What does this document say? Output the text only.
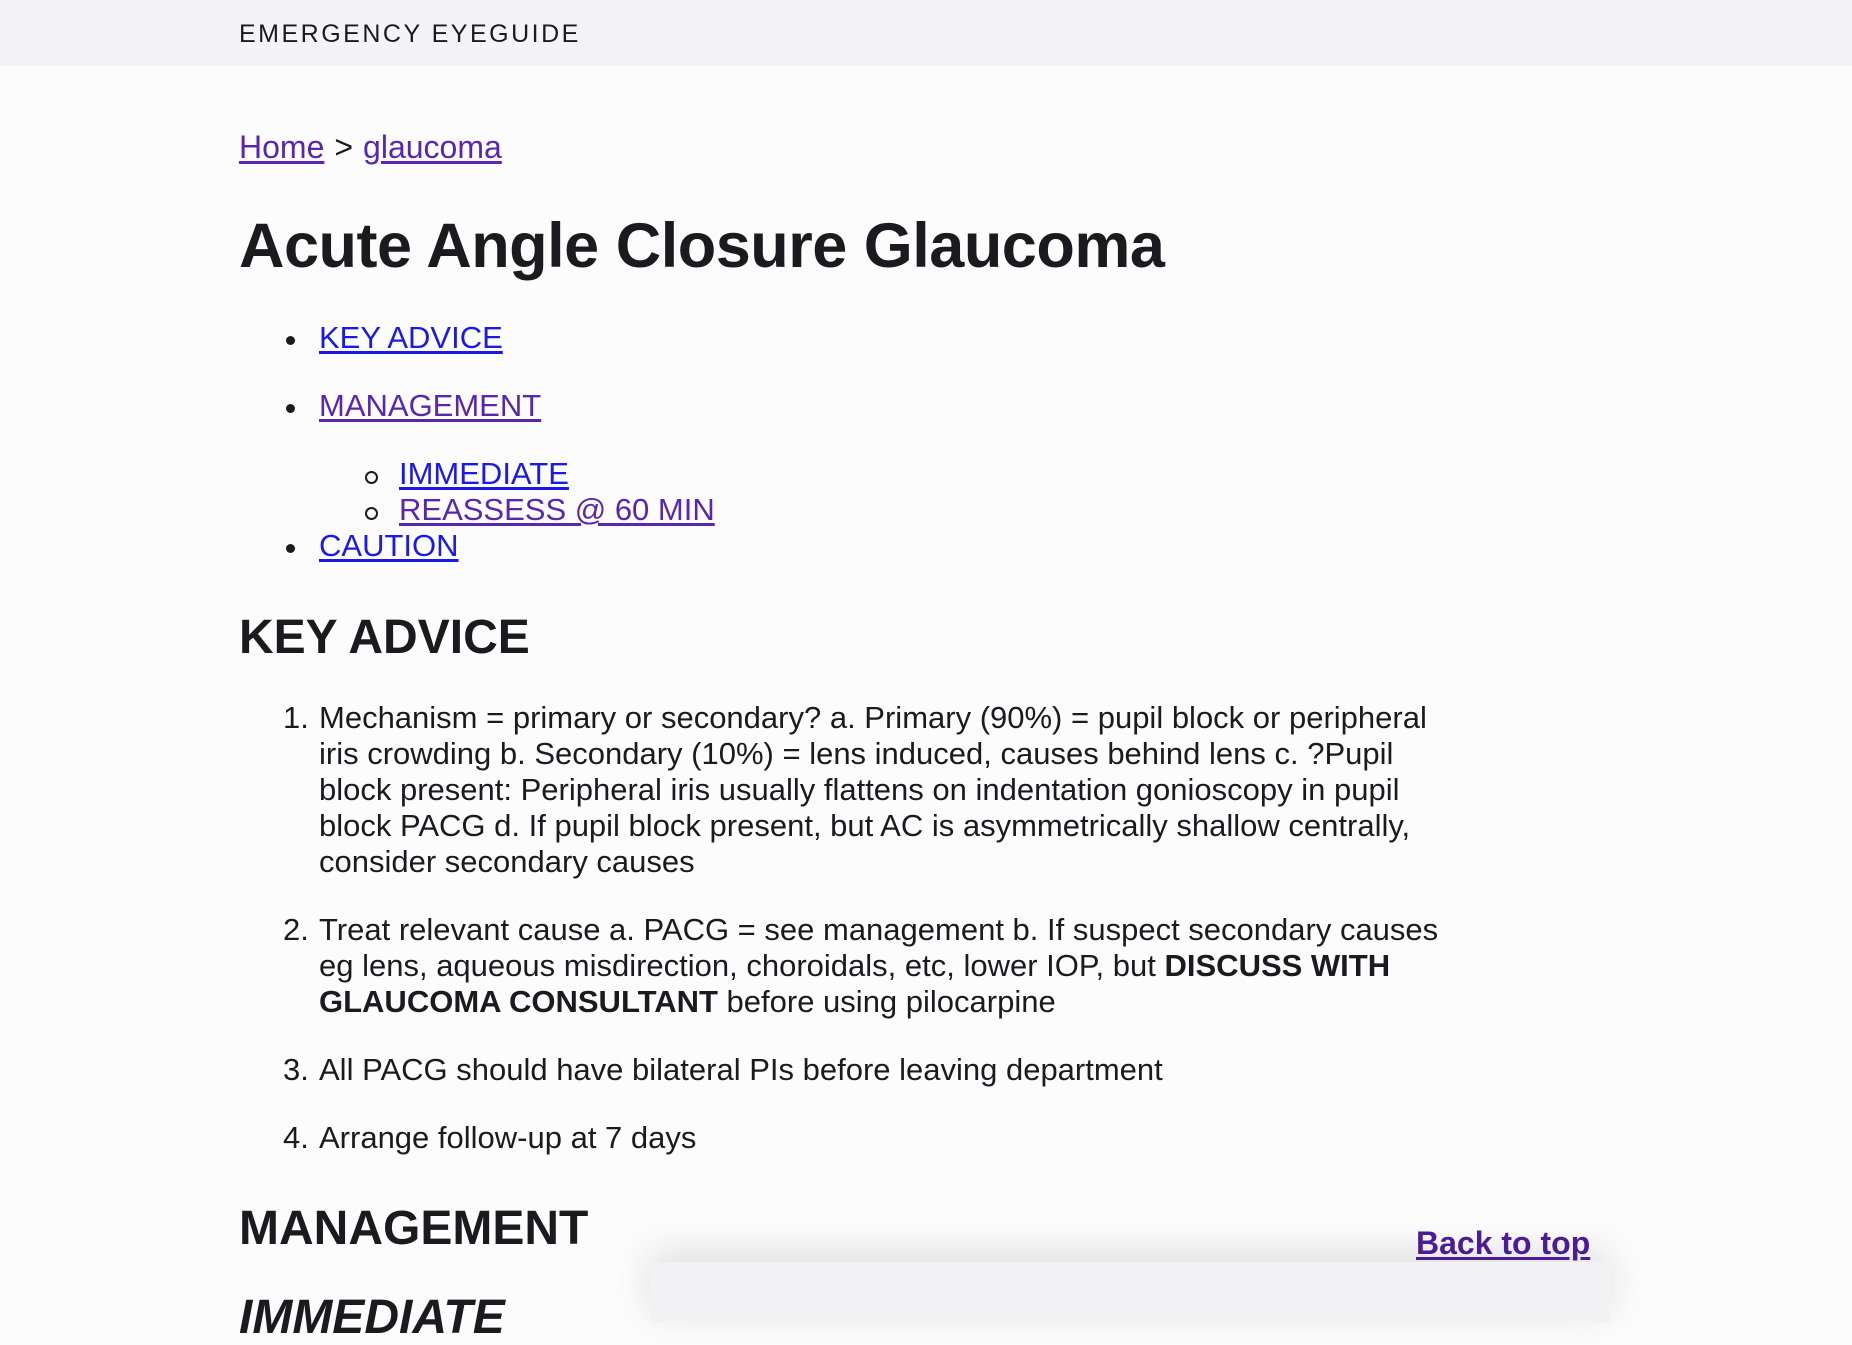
EMERGENCY EYEGUIDE
Home > glaucoma
Acute Angle Closure Glaucoma
KEY ADVICE
MANAGEMENT
IMMEDIATE
REASSESS @ 60 MIN
CAUTION
KEY ADVICE
1. Mechanism = primary or secondary? a. Primary (90%) = pupil block or peripheral
iris crowding b. Secondary (10%) = lens induced, causes behind lens c. ?Pupil
block present: Peripheral iris usually flattens on indentation gonioscopy in pupil
block PACG d. If pupil block present, but AC is asymmetrically shallow centrally,
consider secondary causes
2. Treat relevant cause a. PACG = see management b. If suspect secondary causes
eg lens, aqueous misdirection, choroidals, etc, lower IOP, but DISCUSS WITH
GLAUCOMA CONSULTANT before using pilocarpine
3. All PACG should have bilateral PIs before leaving department
4. Arrange follow-up at 7 days
MANAGEMENT
IMMEDIATE
Back to top
